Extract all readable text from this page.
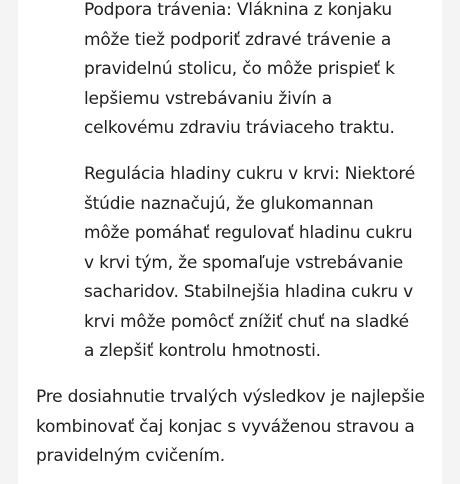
Podpora trávenia: Vláknina z konjaku môže tiež podporiť zdravé trávenie a pravidelnú stolicu, čo môže prispieť k lepšiemu vstrebávaniu živín a celkovému zdraviu tráviaceho traktu.

Regulácia hladiny cukru v krvi: Niektoré štúdie naznačujú, že glukomannan môže pomáhať regulovať hladinu cukru v krvi tým, že spomaľuje vstrebávanie sacharidov. Stabilnejšia hladina cukru v krvi môže pomôcť znížiť chuť na sladké a zlepšiť kontrolu hmotnosti.

Pre dosiahnutie trvalých výsledkov je najlepšie kombinovať čaj konjac s vyváženou stravou a pravidelným cvičením.
